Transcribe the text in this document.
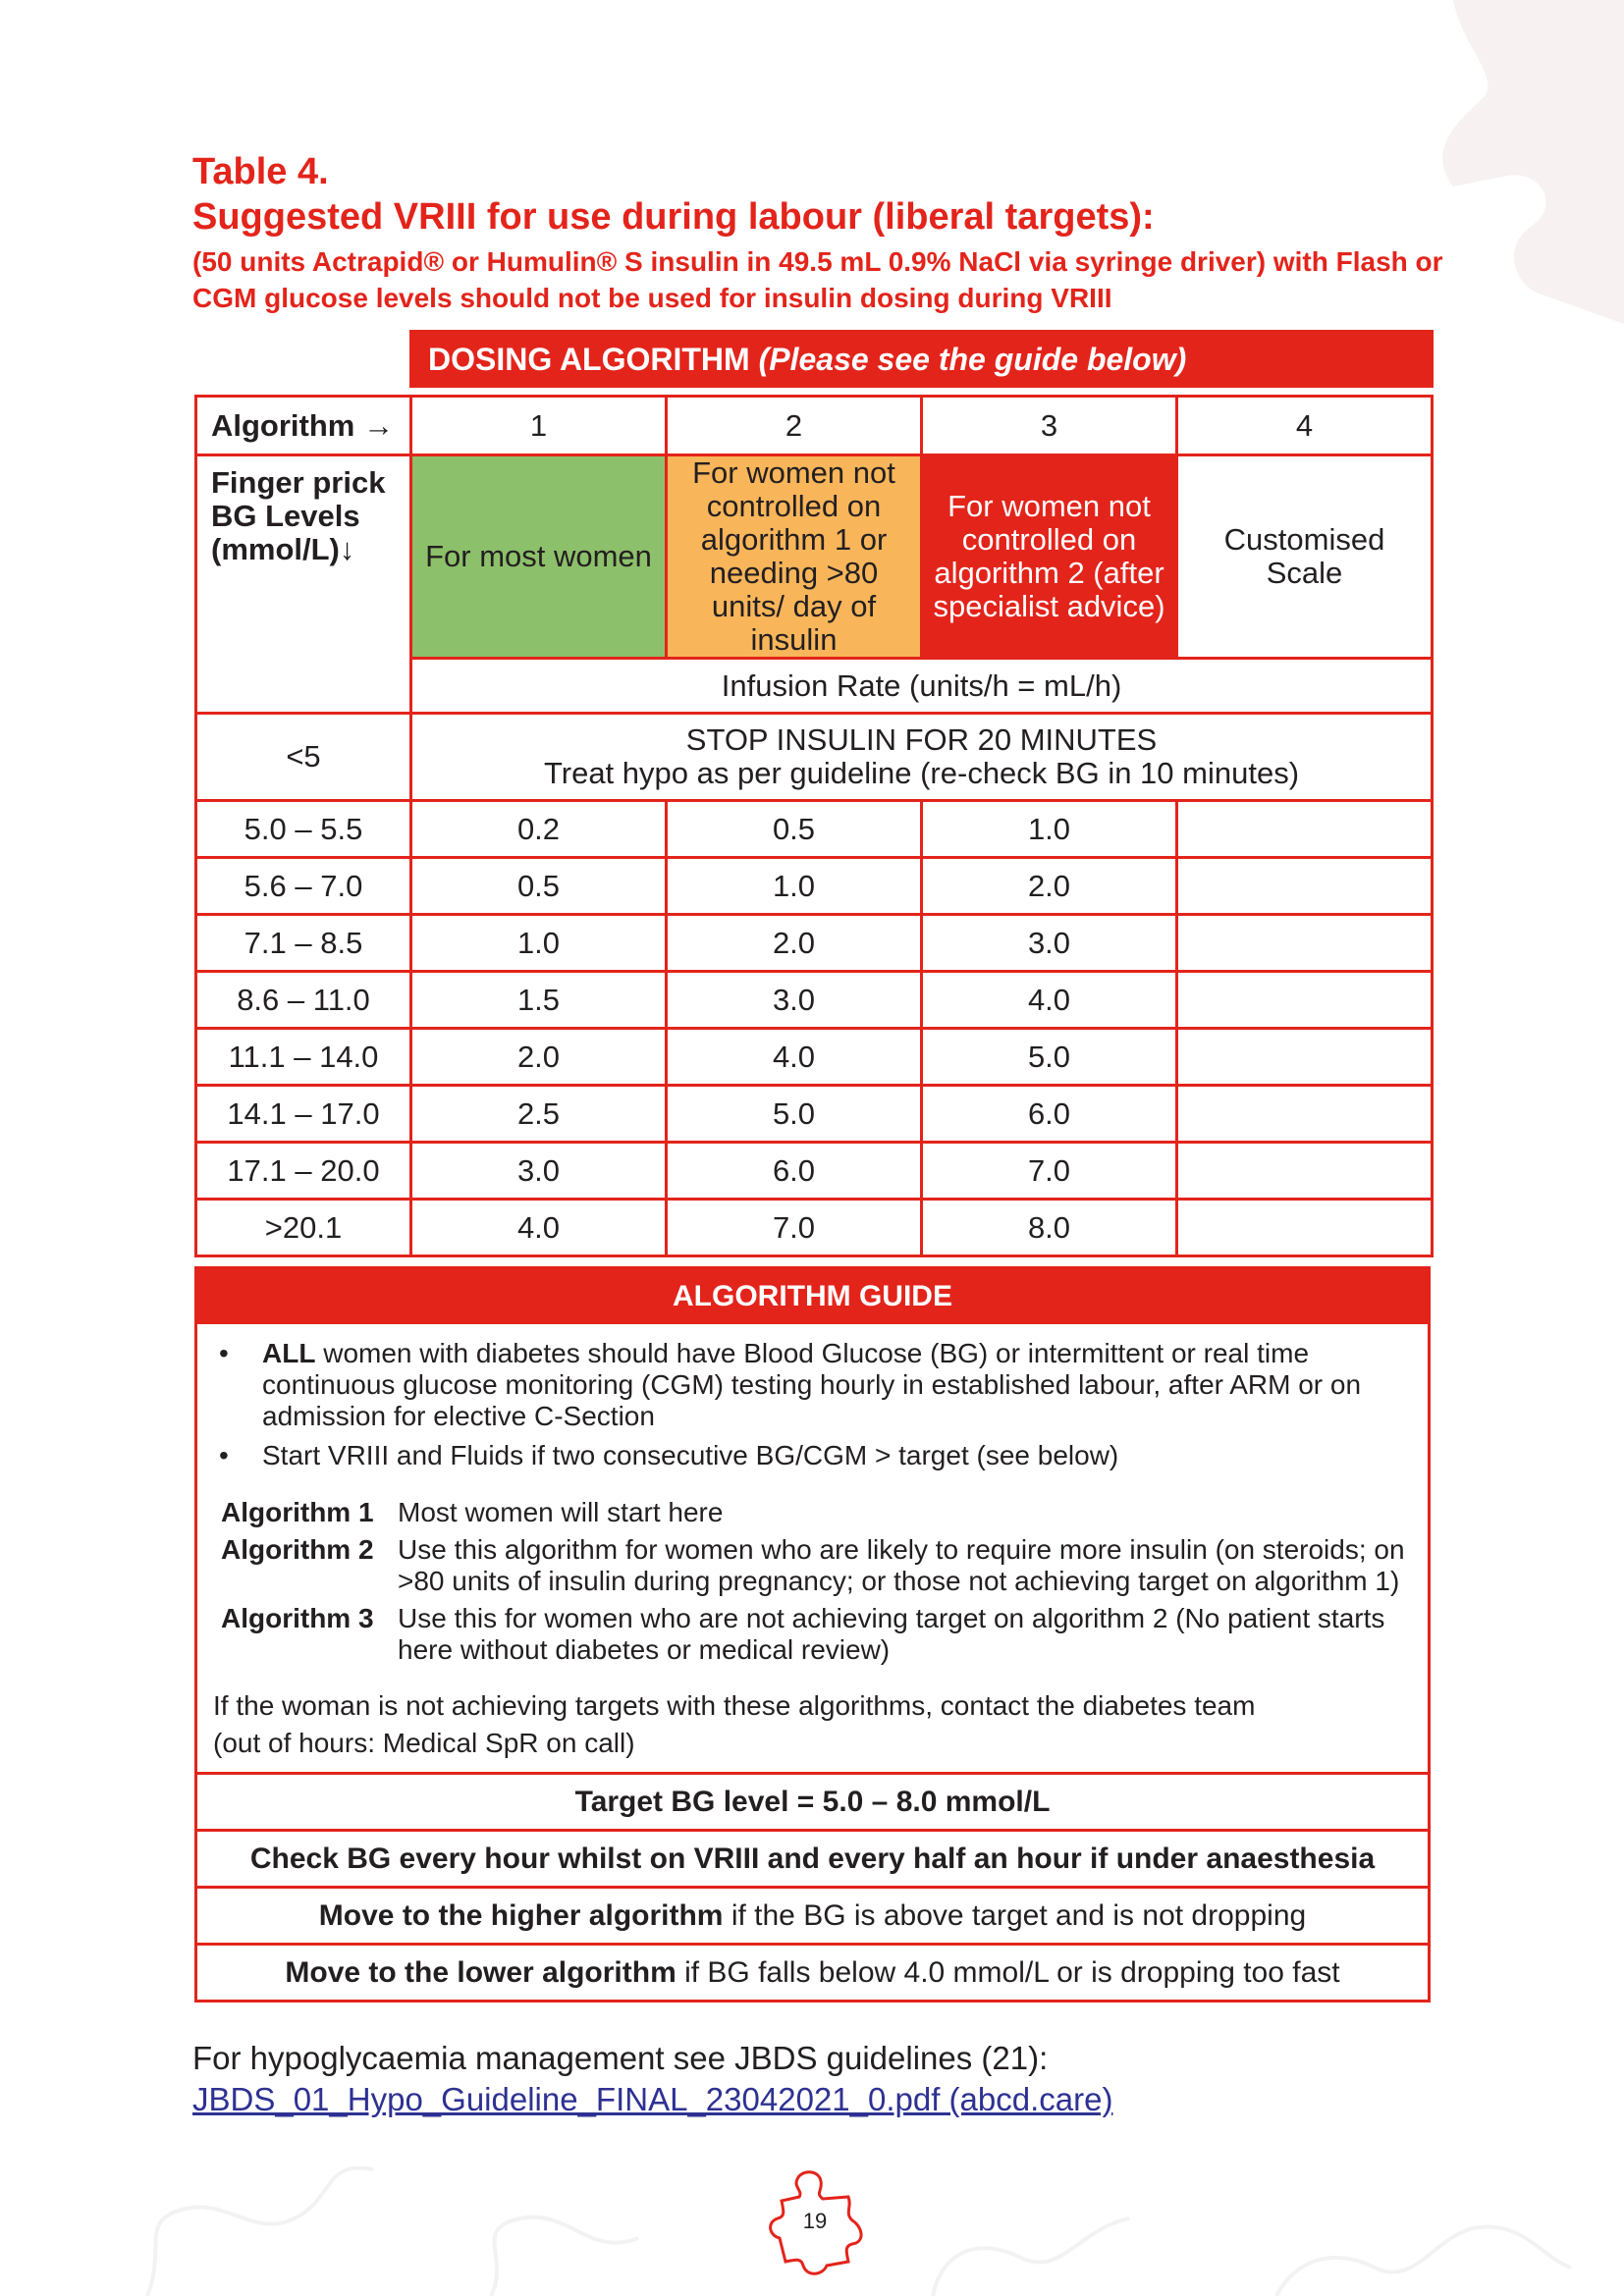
Table 4.
Suggested VRIII for use during labour (liberal targets):
(50 units Actrapid® or Humulin® S insulin in 49.5 mL 0.9% NaCl via syringe driver) with Flash or CGM glucose levels should not be used for insulin dosing during VRIII
	DOSING ALGORITHM (Please see the guide below)			

Algorithm →	1	2	3	4
Finger prick BG Levels (mmol/L)↓	For most women	For women not controlled on algorithm 1 or needing >80 units/ day of insulin	For women not controlled on algorithm 2 (after specialist advice)	Customised Scale
	Infusion Rate (units/h = mL/h)			
<5	STOP INSULIN FOR 20 MINUTES
Treat hypo as per guideline (re-check BG in 10 minutes)			

5.0 – 5.5	0.2	0.5	1.0	
5.6 – 7.0	0.5	1.0	2.0	
7.1 – 8.5	1.0	2.0	3.0	
8.6 – 11.0	1.5	3.0	4.0	
11.1 – 14.0	2.0	4.0	5.0	
14.1 – 17.0	2.5	5.0	6.0	
17.1 – 20.0	3.0	6.0	7.0	
>20.1	4.0	7.0	8.0	
ALGORITHM GUIDE
•	ALL women with diabetes should have Blood Glucose (BG) or intermittent or real time continuous glucose monitoring (CGM) testing hourly in established labour, after ARM or on admission for elective C-Section
•	Start VRIII and Fluids if two consecutive BG/CGM > target (see below)
Algorithm 1 Most women will start here
Algorithm 2 Use this algorithm for women who are likely to require more insulin (on steroids; on >80 units of insulin during pregnancy; or those not achieving target on algorithm 1)
Algorithm 3 Use this for women who are not achieving target on algorithm 2 (No patient starts here without diabetes or medical review)
If the woman is not achieving targets with these algorithms, contact the diabetes team
(out of hours: Medical SpR on call)
Target BG level = 5.0 – 8.0 mmol/L
Check BG every hour whilst on VRIII and every half an hour if under anaesthesia
Move to the higher algorithm if the BG is above target and is not dropping
Move to the lower algorithm if BG falls below 4.0 mmol/L or is dropping too fast
For hypoglycaemia management see JBDS guidelines (21):
JBDS_01_Hypo_Guideline_FINAL_23042021_0.pdf (abcd.care)
19
